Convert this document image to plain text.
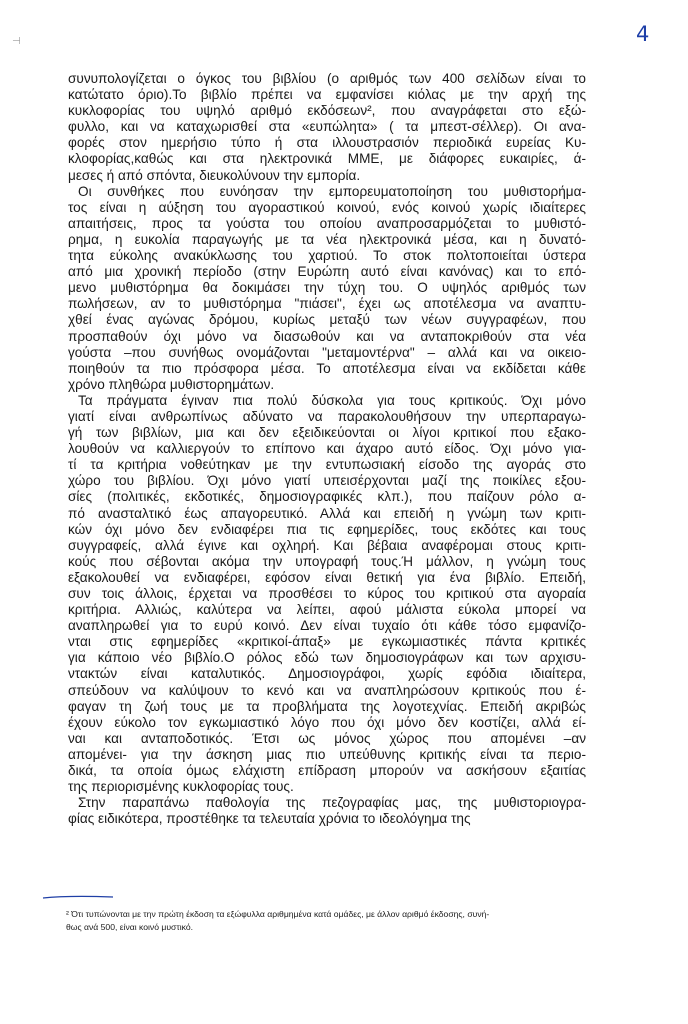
⊣	4
συνυπολογίζεται ο όγκος του βιβλίου (ο αριθμός των 400 σελίδων είναι το
κατώτατο όριο).Το βιβλίο πρέπει να εμφανίσει κιόλας με την αρχή της
κυκλοφορίας του υψηλό αριθμό εκδόσεων², που αναγράφεται στο εξώ-
φυλλο, και να καταχωρισθεί στα «ευπώλητα» ( τα μπεστ-σέλλερ). Οι ανα-
φορές στον ημερήσιο τύπο ή στα ιλλουστρασιόν περιοδικά ευρείας Κυ-
κλοφορίας,καθώς και στα ηλεκτρονικά ΜΜΕ, με διάφορες ευκαιρίες, ά-
μεσες ή από σπόντα, διευκολύνουν την εμπορία.
Οι συνθήκες που ευνόησαν την εμπορευματοποίηση του μυθιστορήμα-
τος είναι η αύξηση του αγοραστικού κοινού, ενός κοινού χωρίς ιδιαίτερες
απαιτήσεις, προς τα γούστα του οποίου αναπροσαρμόζεται το μυθιστό-
ρημα, η ευκολία παραγωγής με τα νέα ηλεκτρονικά μέσα, και η δυνατό-
τητα εύκολης ανακύκλωσης του χαρτιού. Το στοκ πολτοποιείται ύστερα
από μια χρονική περίοδο (στην Ευρώπη αυτό είναι κανόνας) και το επό-
μενο μυθιστόρημα θα δοκιμάσει την τύχη του. Ο υψηλός αριθμός των
πωλήσεων, αν το μυθιστόρημα "πιάσει", έχει ως αποτέλεσμα να αναπτυ-
χθεί ένας αγώνας δρόμου, κυρίως μεταξύ των νέων συγγραφέων, που
προσπαθούν όχι μόνο να διασωθούν και να ανταποκριθούν στα νέα
γούστα –που συνήθως ονομάζονται "μεταμοντέρνα" – αλλά και να οικειο-
ποιηθούν τα πιο πρόσφορα μέσα. Το αποτέλεσμα είναι να εκδίδεται κάθε
χρόνο πληθώρα μυθιστορημάτων.
Τα πράγματα έγιναν πια πολύ δύσκολα για τους κριτικούς. Όχι μόνο
γιατί είναι ανθρωπίνως αδύνατο να παρακολουθήσουν την υπερπαραγω-
γή των βιβλίων, μια και δεν εξειδικεύονται οι λίγοι κριτικοί που εξακο-
λουθούν να καλλιεργούν το επίπονο και άχαρο αυτό είδος. Όχι μόνο για-
τί τα κριτήρια νοθεύτηκαν με την εντυπωσιακή είσοδο της αγοράς στο
χώρο του βιβλίου. Όχι μόνο γιατί υπεισέρχονται μαζί της ποικίλες εξου-
σίες (πολιτικές, εκδοτικές, δημοσιογραφικές κλπ.), που παίζουν ρόλο α-
πό ανασταλτικό έως απαγορευτικό. Αλλά και επειδή η γνώμη των κριτι-
κών όχι μόνο δεν ενδιαφέρει πια τις εφημερίδες, τους εκδότες και τους
συγγραφείς, αλλά έγινε και οχληρή. Και βέβαια αναφέρομαι στους κριτι-
κούς που σέβονται ακόμα την υπογραφή τους.Ή μάλλον, η γνώμη τους
εξακολουθεί να ενδιαφέρει, εφόσον είναι θετική για ένα βιβλίο. Επειδή,
συν τοις άλλοις, έρχεται να προσθέσει το κύρος του κριτικού στα αγοραία
κριτήρια. Αλλιώς, καλύτερα να λείπει, αφού μάλιστα εύκολα μπορεί να
αναπληρωθεί για το ευρύ κοινό. Δεν είναι τυχαίο ότι κάθε τόσο εμφανίζο-
νται στις εφημερίδες «κριτικοί-άπαξ» με εγκωμιαστικές πάντα κριτικές
για κάποιο νέο βιβλίο.Ο ρόλος εδώ των δημοσιογράφων και των αρχισυ-
ντακτών είναι καταλυτικός. Δημοσιογράφοι, χωρίς εφόδια ιδιαίτερα,
σπεύδουν να καλύψουν το κενό και να αναπληρώσουν κριτικούς που έ-
φαγαν τη ζωή τους με τα προβλήματα της λογοτεχνίας. Επειδή ακριβώς
έχουν εύκολο τον εγκωμιαστικό λόγο που όχι μόνο δεν κοστίζει, αλλά εί-
ναι και ανταποδοτικός. Έτσι ως μόνος χώρος που απομένει –αν
απομένει- για την άσκηση μιας πιο υπεύθυνης κριτικής είναι τα περιο-
δικά, τα οποία όμως ελάχιστη επίδραση μπορούν να ασκήσουν εξαιτίας
της περιορισμένης κυκλοφορίας τους.
Στην παραπάνω παθολογία της πεζογραφίας μας, της μυθιστοριογρα-
φίας ειδικότερα, προστέθηκε τα τελευταία χρόνια το ιδεολόγημα της
² Ότι τυπώνονται με την πρώτη έκδοση τα εξώφυλλα αριθμημένα κατά ομάδες, με άλλον αριθμό έκδοσης, συνή-
θως ανά 500, είναι κοινό μυστικό.
